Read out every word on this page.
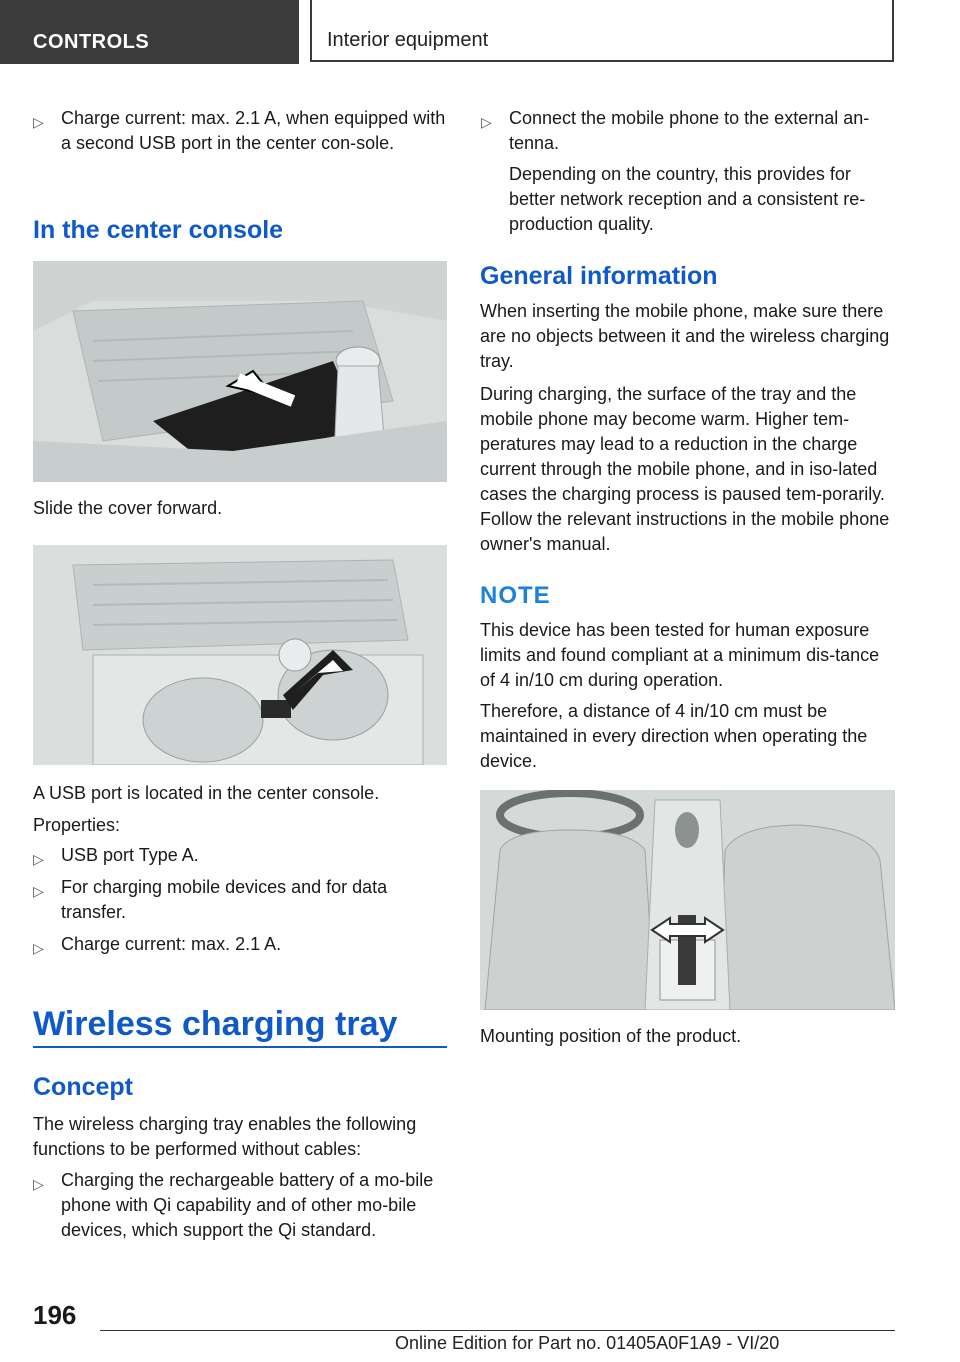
CONTROLS	Interior equipment
▷ Charge current: max. 2.1 A, when equipped with a second USB port in the center con-sole.
In the center console
Slide the cover forward.
A USB port is located in the center console.
Properties:
▷ USB port Type A.
▷ For charging mobile devices and for data transfer.
▷ Charge current: max. 2.1 A.
Wireless charging tray
Concept
The wireless charging tray enables the following functions to be performed without cables:
▷ Charging the rechargeable battery of a mo-bile phone with Qi capability and of other mo-bile devices, which support the Qi standard.
▷ Connect the mobile phone to the external an-tenna.
Depending on the country, this provides for better network reception and a consistent re-production quality.
General information
When inserting the mobile phone, make sure there are no objects between it and the wireless charging tray.
During charging, the surface of the tray and the mobile phone may become warm. Higher tem-peratures may lead to a reduction in the charge current through the mobile phone, and in iso-lated cases the charging process is paused tem-porarily. Follow the relevant instructions in the mobile phone owner's manual.
NOTE
This device has been tested for human exposure limits and found compliant at a minimum dis-tance of 4 in/10 cm during operation.
Therefore, a distance of 4 in/10 cm must be maintained in every direction when operating the device.
Mounting position of the product.
196
Online Edition for Part no. 01405A0F1A9 - VI/20
